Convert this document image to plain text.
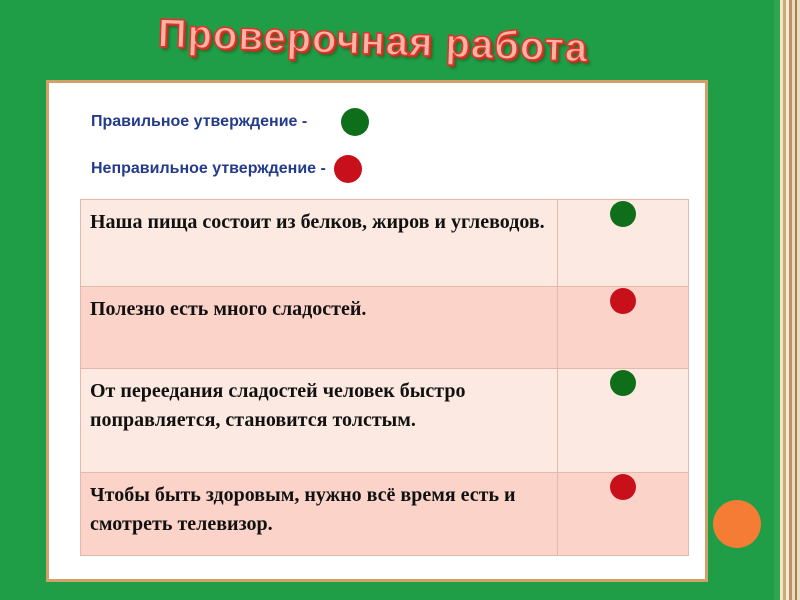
Проверочная работа
Правильное утверждение -
Неправильное утверждение -
Наша пища состоит из белков, жиров и углеводов.	
Полезно есть много сладостей.	
От переедания сладостей человек быстро поправляется, становится толстым.	
Чтобы быть здоровым, нужно всё время есть и смотреть телевизор.	
